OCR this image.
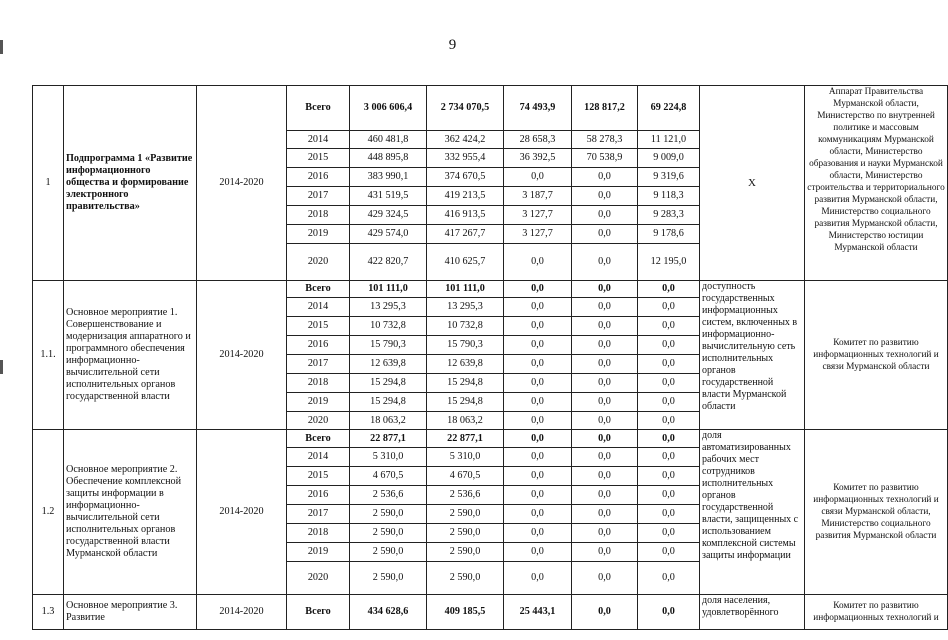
9
1	Подпрограмма 1 «Развитие информационного общества и формирование электронного правительства»	2014-2020	Всего	3 006 606,4	2 734 070,5	74 493,9	128 817,2	69 224,8	X	Аппарат Правительства Мурманской области, Министерство по внутренней политике и массовым коммуникациям Мурманской области, Министерство образования и науки Мурманской области, Министерство строительства и территориального развития Мурманской области, Министерство социального развития Мурманской области, Министерство юстиции Мурманской области
			2014	460 481,8	362 424,2	28 658,3	58 278,3	11 121,0		
			2015	448 895,8	332 955,4	36 392,5	70 538,9	9 009,0		
			2016	383 990,1	374 670,5	0,0	0,0	9 319,6		
			2017	431 519,5	419 213,5	3 187,7	0,0	9 118,3		
			2018	429 324,5	416 913,5	3 127,7	0,0	9 283,3		
			2019	429 574,0	417 267,7	3 127,7	0,0	9 178,6		
			2020	422 820,7	410 625,7	0,0	0,0	12 195,0		
1.1.	Основное мероприятие 1. Совершенствование и модернизация аппаратного и программного обеспечения информационно-вычислительной сети исполнительных органов государственной власти	2014-2020	Всего	101 111,0	101 111,0	0,0	0,0	0,0	доступность государственных информационных систем, включенных в информационно-вычислительную сеть исполнительных органов государственной власти Мурманской области	Комитет по развитию информационных технологий и связи Мурманской области
			2014	13 295,3	13 295,3	0,0	0,0	0,0		
			2015	10 732,8	10 732,8	0,0	0,0	0,0		
			2016	15 790,3	15 790,3	0,0	0,0	0,0		
			2017	12 639,8	12 639,8	0,0	0,0	0,0		
			2018	15 294,8	15 294,8	0,0	0,0	0,0		
			2019	15 294,8	15 294,8	0,0	0,0	0,0		
			2020	18 063,2	18 063,2	0,0	0,0	0,0		
1.2	Основное мероприятие 2. Обеспечение комплексной защиты информации в информационно-вычислительной сети исполнительных органов государственной власти Мурманской области	2014-2020	Всего	22 877,1	22 877,1	0,0	0,0	0,0	доля автоматизированных рабочих мест сотрудников исполнительных органов государственной власти, защищенных с использованием комплексной системы защиты информации	Комитет по развитию информационных технологий и связи Мурманской области, Министерство социального развития Мурманской области
			2014	5 310,0	5 310,0	0,0	0,0	0,0		
			2015	4 670,5	4 670,5	0,0	0,0	0,0		
			2016	2 536,6	2 536,6	0,0	0,0	0,0		
			2017	2 590,0	2 590,0	0,0	0,0	0,0		
			2018	2 590,0	2 590,0	0,0	0,0	0,0		
			2019	2 590,0	2 590,0	0,0	0,0	0,0		
			2020	2 590,0	2 590,0	0,0	0,0	0,0		
1.3	Основное мероприятие 3. Развитие	2014-2020	Всего	434 628,6	409 185,5	25 443,1	0,0	0,0	доля населения, удовлетворённого	Комитет по развитию информационных технологий и
